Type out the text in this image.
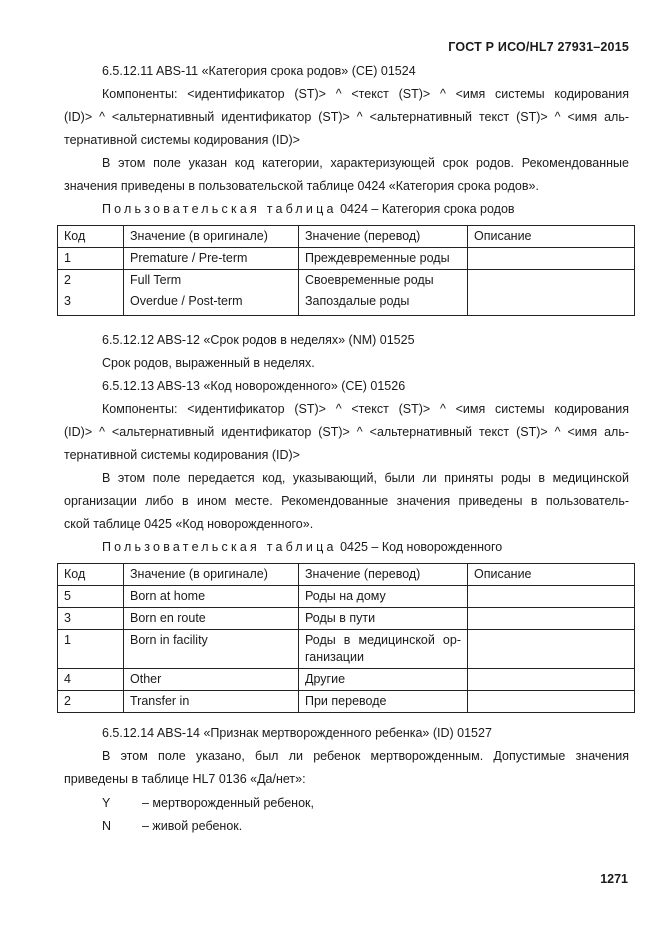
ГОСТ Р ИСО/HL7 27931–2015
6.5.12.11 ABS-11 «Категория срока родов» (CE) 01524
Компоненты: <идентификатор (ST)> ^ <текст (ST)> ^ <имя системы кодирования
(ID)> ^ <альтернативный идентификатор (ST)> ^ <альтернативный текст (ST)> ^ <имя аль-
тернативной системы кодирования (ID)>
В этом поле указан код категории, характеризующей срок родов. Рекомендованные
значения приведены в пользовательской таблице 0424 «Категория срока родов».
Пользовательская таблица 0424 – Категория срока родов
Код	Значение (в оригинале)	Значение (перевод)	Описание
1	Premature / Pre-term	Преждевременные роды	
2	Full Term	Своевременные роды	
3	Overdue / Post-term	Запоздалые роды	
6.5.12.12 ABS-12 «Срок родов в неделях» (NM) 01525
Срок родов, выраженный в неделях.
6.5.12.13 ABS-13 «Код новорожденного» (CE) 01526
Компоненты: <идентификатор (ST)> ^ <текст (ST)> ^ <имя системы кодирования
(ID)> ^ <альтернативный идентификатор (ST)> ^ <альтернативный текст (ST)> ^ <имя аль-
тернативной системы кодирования (ID)>
В этом поле передается код, указывающий, были ли приняты роды в медицинской
организации либо в ином месте. Рекомендованные значения приведены в пользователь-
ской таблице 0425 «Код новорожденного».
Пользовательская таблица 0425 – Код новорожденного
Код	Значение (в оригинале)	Значение (перевод)	Описание
5	Born at home	Роды на дому	
3	Born en route	Роды в пути	
1	Born in facility	Роды в медицинской ор-
ганизации	
4	Other	Другие	
2	Transfer in	При переводе	
6.5.12.14 ABS-14 «Признак мертворожденного ребенка» (ID) 01527
В этом поле указано, был ли ребенок мертворожденным. Допустимые значения
приведены в таблице HL7 0136 «Да/нет»:
Y	– мертворожденный ребенок,
N – живой ребенок.
1271
